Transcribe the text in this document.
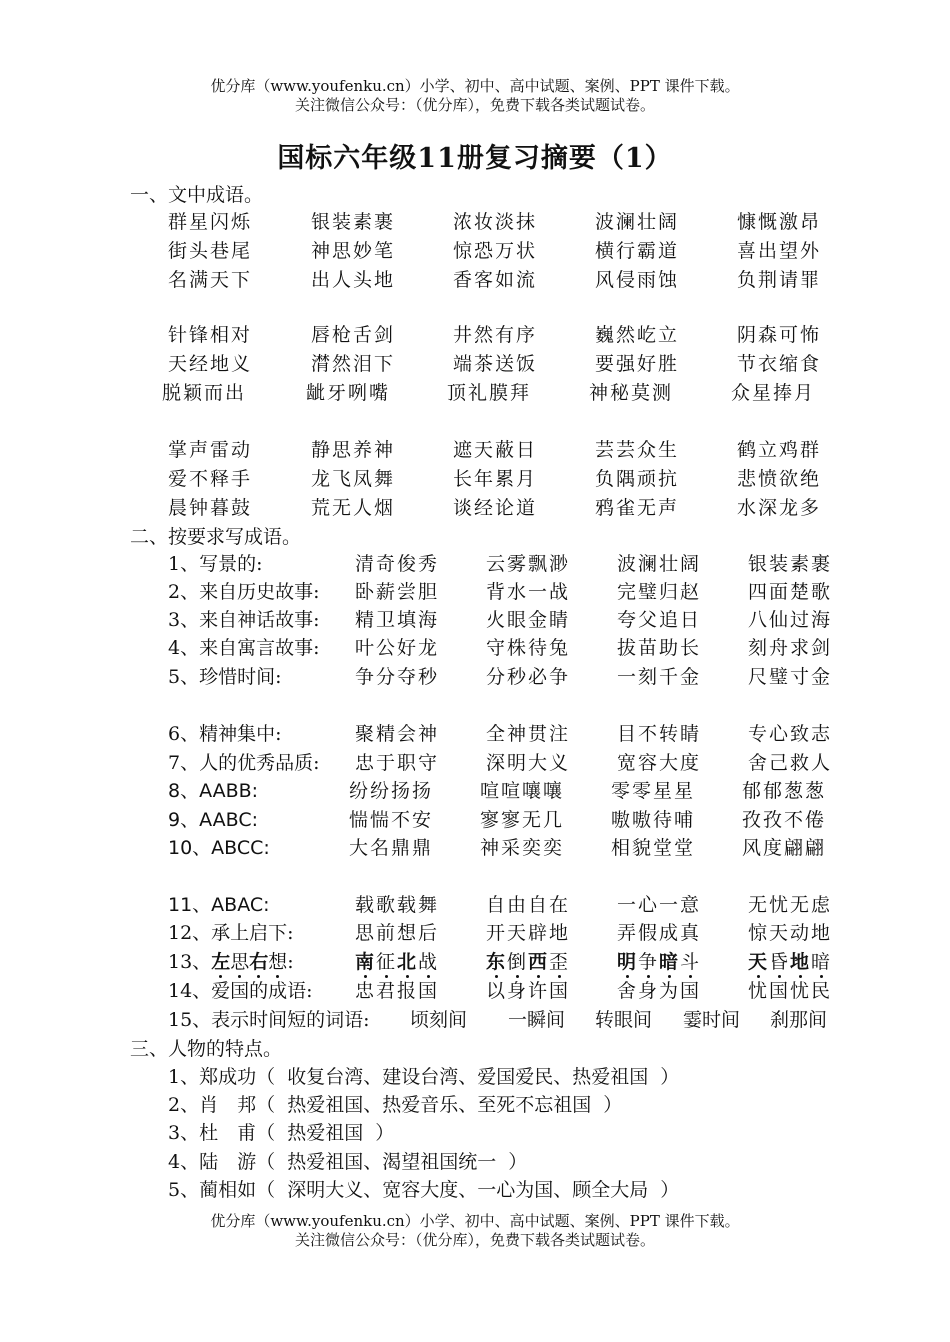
优分库（www.youfenku.cn）小学、初中、高中试题、案例、PPT 课件下载。
关注微信公众号：（优分库），免费下载各类试题试卷。
国标六年级11册复习摘要（1）
一、文中成语。
群星闪烁	银装素裹	浓妆淡抹	波澜壮阔	慷慨激昂
街头巷尾	神思妙笔	惊恐万状	横行霸道	喜出望外
名满天下	出人头地	香客如流	风侵雨蚀	负荆请罪
针锋相对	唇枪舌剑	井然有序	巍然屹立	阴森可怖
天经地义	潸然泪下	端茶送饭	要强好胜	节衣缩食
脱颖而出	龇牙咧嘴	顶礼膜拜	神秘莫测	众星捧月
掌声雷动	静思养神	遮天蔽日	芸芸众生	鹤立鸡群
爱不释手	龙飞凤舞	长年累月	负隅顽抗	悲愤欲绝
晨钟暮鼓	荒无人烟	谈经论道	鸦雀无声	水深龙多
二、按要求写成语。
1、写景的:	清奇俊秀 云雾飘渺 波澜壮阔 银装素裹
2、来自历史故事: 卧薪尝胆 背水一战 完璧归赵 四面楚歌
3、来自神话故事: 精卫填海 火眼金睛 夸父追日 八仙过海
4、来自寓言故事: 叶公好龙 守株待兔 拔苗助长 刻舟求剑
5、珍惜时间:	争分夺秒 分秒必争 一刻千金 尺璧寸金
6、精神集中:	聚精会神 全神贯注 目不转睛 专心致志
7、人的优秀品质: 忠于职守 深明大义 宽容大度 舍己救人
8、AABB:	纷纷扬扬 喧喧嚷嚷 零零星星 郁郁葱葱
9、AABC:	惴惴不安 寥寥无几 嗷嗷待哺 孜孜不倦
10、ABCC:	大名鼎鼎 神采奕奕 相貌堂堂 风度翩翩
11、ABAC:	载歌载舞 自由自在 一心一意 无忧无虑
12、承上启下:	思前想后 开天辟地 弄假成真 惊天动地
13、左思右想:	南征北战 东倒西歪 明争暗斗 天昏地暗
14、爱国的成语: 忠君报国 以身许国 舍身为国 忧国忧民
15、表示时间短的词语: 顷刻间 一瞬间 转眼间 霎时间 刹那间
三、人物的特点。
1、郑成功（ 收复台湾、建设台湾、爱国爱民、热爱祖国 ）
2、肖　邦（ 热爱祖国、热爱音乐、至死不忘祖国 ）
3、杜　甫（ 热爱祖国 ）
4、陆　游（ 热爱祖国、渴望祖国统一 ）
5、蔺相如（ 深明大义、宽容大度、一心为国、顾全大局 ）
优分库（www.youfenku.cn）小学、初中、高中试题、案例、PPT 课件下载。
关注微信公众号：（优分库），免费下载各类试题试卷。
